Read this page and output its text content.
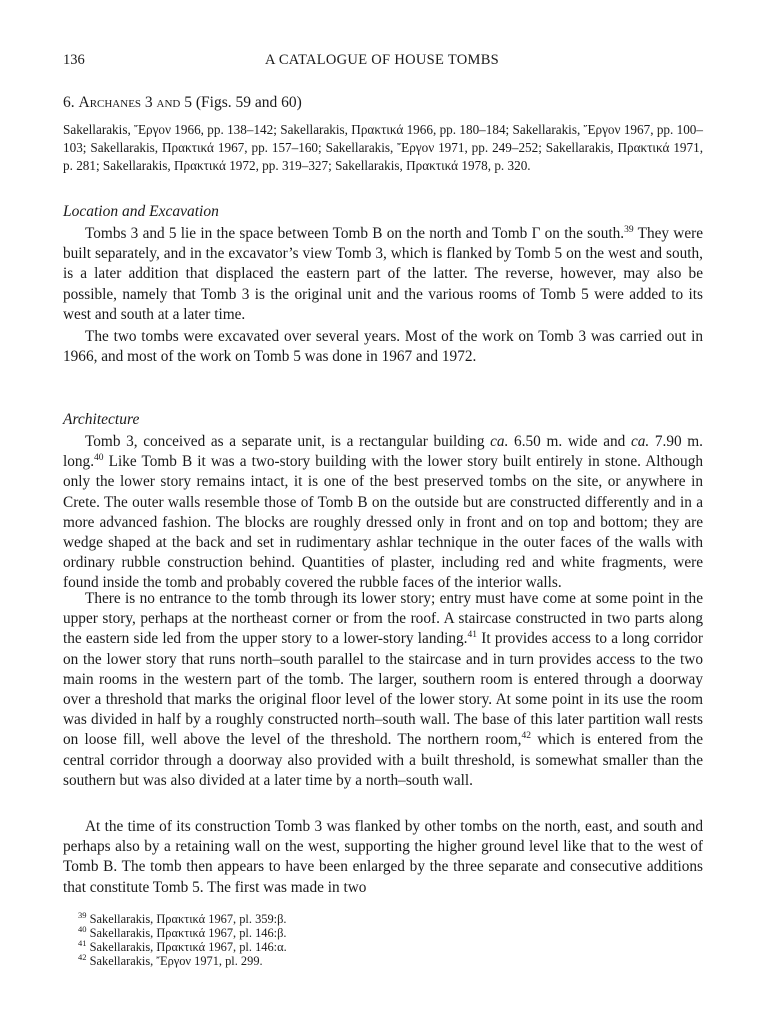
136	A CATALOGUE OF HOUSE TOMBS
6. Archanes 3 and 5 (Figs. 59 and 60)
Sakellarakis, Ἔργον 1966, pp. 138–142; Sakellarakis, Πρακτικά 1966, pp. 180–184; Sakellarakis, Ἔργον 1967, pp. 100–103; Sakellarakis, Πρακτικά 1967, pp. 157–160; Sakellarakis, Ἔργον 1971, pp. 249–252; Sakellarakis, Πρακτικά 1971, p. 281; Sakellarakis, Πρακτικά 1972, pp. 319–327; Sakellarakis, Πρακτικά 1978, p. 320.
Location and Excavation

Tombs 3 and 5 lie in the space between Tomb B on the north and Tomb Γ on the south.$^{39}$ They were built separately, and in the excavator’s view Tomb 3, which is flanked by Tomb 5 on the west and south, is a later addition that displaced the eastern part of the latter. The reverse, however, may also be possible, namely that Tomb 3 is the original unit and the various rooms of Tomb 5 were added to its west and south at a later time.

The two tombs were excavated over several years. Most of the work on Tomb 3 was carried out in 1966, and most of the work on Tomb 5 was done in 1967 and 1972.

Architecture

Tomb 3, conceived as a separate unit, is a rectangular building ca. 6.50 m. wide and ca. 7.90 m. long.$^{40}$ Like Tomb B it was a two-story building with the lower story built entirely in stone. Although only the lower story remains intact, it is one of the best preserved tombs on the site, or anywhere in Crete. The outer walls resemble those of Tomb B on the outside but are constructed differently and in a more advanced fashion. The blocks are roughly dressed only in front and on top and bottom; they are wedge shaped at the back and set in rudimentary ashlar technique in the outer faces of the walls with ordinary rubble construction behind. Quantities of plaster, including red and white fragments, were found inside the tomb and probably covered the rubble faces of the interior walls.

There is no entrance to the tomb through its lower story; entry must have come at some point in the upper story, perhaps at the northeast corner or from the roof. A staircase constructed in two parts along the eastern side led from the upper story to a lower-story landing.$^{41}$ It provides access to a long corridor on the lower story that runs north–south parallel to the staircase and in turn provides access to the two main rooms in the western part of the tomb. The larger, southern room is entered through a doorway over a threshold that marks the original floor level of the lower story. At some point in its use the room was divided in half by a roughly constructed north–south wall. The base of this later partition wall rests on loose fill, well above the level of the threshold. The northern room,$^{42}$ which is entered from the central corridor through a doorway also provided with a built threshold, is somewhat smaller than the southern but was also divided at a later time by a north–south wall.

At the time of its construction Tomb 3 was flanked by other tombs on the north, east, and south and perhaps also by a retaining wall on the west, supporting the higher ground level like that to the west of Tomb B. The tomb then appears to have been enlarged by the three separate and consecutive additions that constitute Tomb 5. The first was made in two

$^{39}$ Sakellarakis, Πρακτικά 1967, pl. 359:β.
$^{40}$ Sakellarakis, Πρακτικά 1967, pl. 146:β.
$^{41}$ Sakellarakis, Πρακτικά 1967, pl. 146:α.
$^{42}$ Sakellarakis, Ἔργον 1971, pl. 299.
